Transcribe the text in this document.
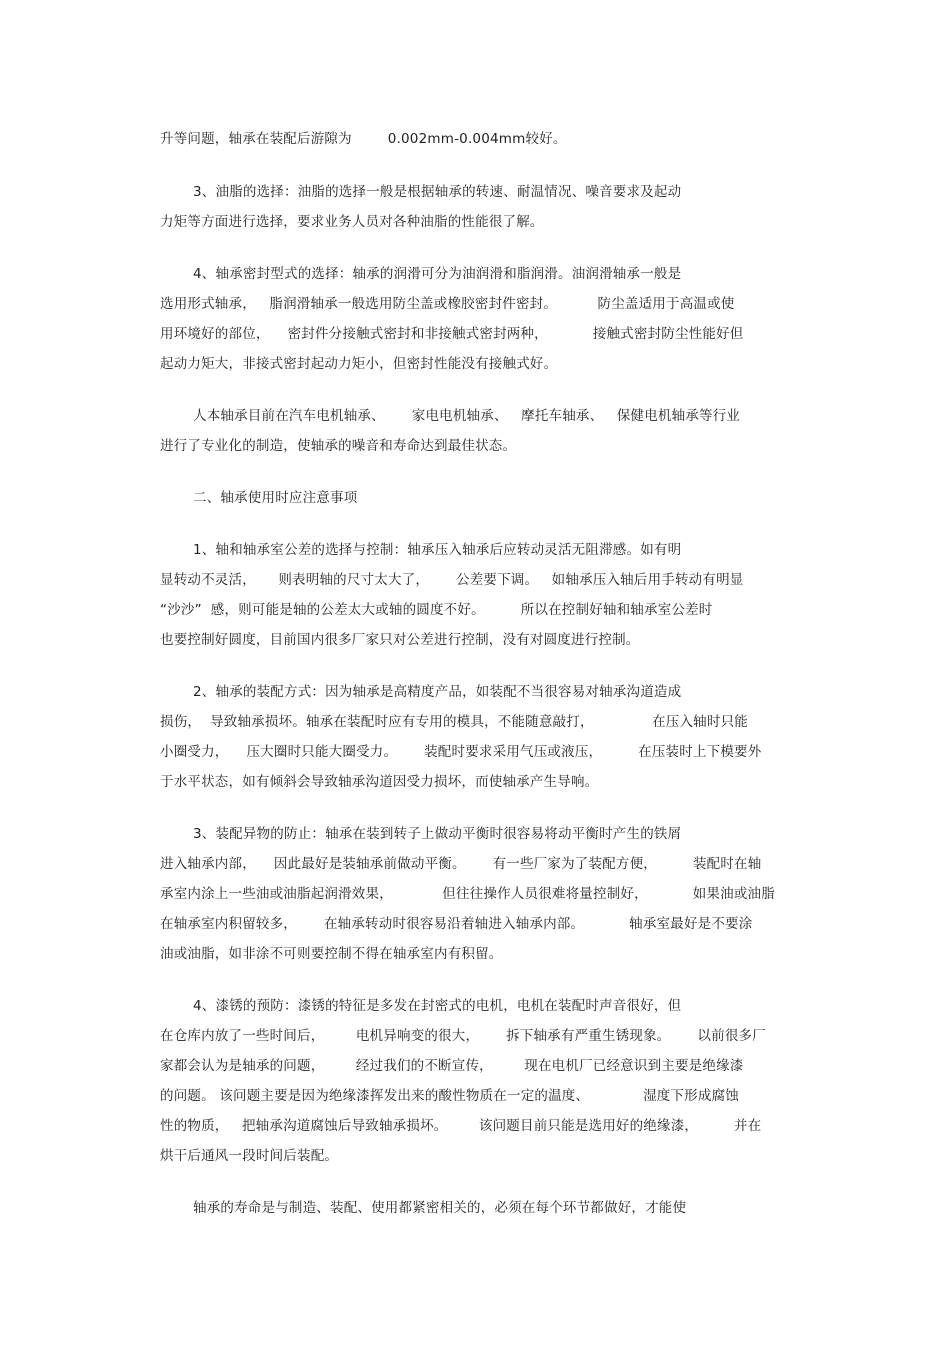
升等问题，轴承在装配后游隙为        0.002mm-0.004mm较好。
3、油脂的选择：油脂的选择一般是根据轴承的转速、耐温情况、噪音要求及起动
力矩等方面进行选择，要求业务人员对各种油脂的性能很了解。
4、轴承密封型式的选择：轴承的润滑可分为油润滑和脂润滑。油润滑轴承一般是
选用形式轴承，   脂润滑轴承一般选用防尘盖或橡胶密封件密封。         防尘盖适用于高温或使
用环境好的部位，    密封件分接触式密封和非接触式密封两种，          接触式密封防尘性能好但
起动力矩大，非接式密封起动力矩小，但密封性能没有接触式好。
人本轴承目前在汽车电机轴承、      家电电机轴承、   摩托车轴承、   保健电机轴承等行业
进行了专业化的制造，使轴承的噪音和寿命达到最佳状态。
二、轴承使用时应注意事项
1、轴和轴承室公差的选择与控制：轴承压入轴承后应转动灵活无阻滞感。如有明
显转动不灵活，     则表明轴的尺寸太大了，      公差要下调。   如轴承压入轴后用手转动有明显
“沙沙”  感，则可能是轴的公差太大或轴的圆度不好。        所以在控制好轴和轴承室公差时
也要控制好圆度，目前国内很多厂家只对公差进行控制，没有对圆度进行控制。
2、轴承的装配方式：因为轴承是高精度产品，如装配不当很容易对轴承沟道造成
损伤，  导致轴承损坏。轴承在装配时应有专用的模具，不能随意敲打，             在压入轴时只能
小圈受力，    压大圈时只能大圈受力。      装配时要求采用气压或液压，        在压装时上下模要外
于水平状态，如有倾斜会导致轴承沟道因受力损坏，而使轴承产生导响。
3、装配异物的防止：轴承在装到转子上做动平衡时很容易将动平衡时产生的铁屑
进入轴承内部，    因此最好是装轴承前做动平衡。      有一些厂家为了装配方便，        装配时在轴
承室内涂上一些油或油脂起润滑效果，           但往往操作人员很难将量控制好，          如果油或油脂
在轴承室内积留较多，      在轴承转动时很容易沿着轴进入轴承内部。          轴承室最好是不要涂
油或油脂，如非涂不可则要控制不得在轴承室内有积留。
4、漆锈的预防：漆锈的特征是多发在封密式的电机，电机在装配时声音很好，但
在仓库内放了一些时间后，       电机异响变的很大，      拆下轴承有严重生锈现象。      以前很多厂
家都会认为是轴承的问题，       经过我们的不断宣传，       现在电机厂已经意识到主要是绝缘漆
的问题。 该问题主要是因为绝缘漆挥发出来的酸性物质在一定的温度、            湿度下形成腐蚀
性的物质，   把轴承沟道腐蚀后导致轴承损坏。       该问题目前只能是选用好的绝缘漆，        并在
烘干后通风一段时间后装配。
轴承的寿命是与制造、装配、使用都紧密相关的，必须在每个环节都做好，才能使
